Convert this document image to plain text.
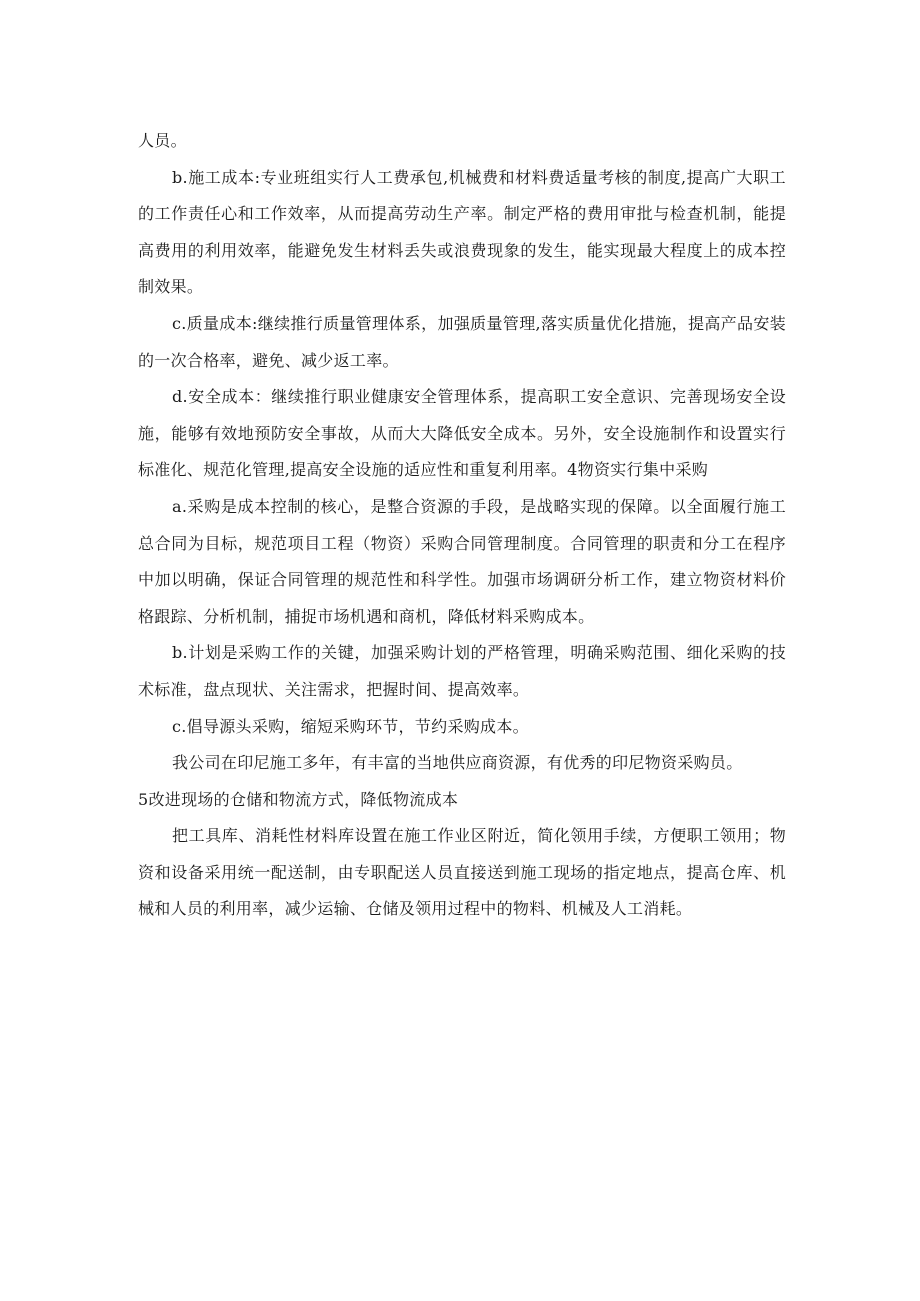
人员。

b.施工成本:专业班组实行人工费承包,机械费和材料费适量考核的制度,提高广大职工的工作责任心和工作效率，从而提高劳动生产率。制定严格的费用审批与检查机制，能提高费用的利用效率，能避免发生材料丢失或浪费现象的发生，能实现最大程度上的成本控制效果。

c.质量成本:继续推行质量管理体系，加强质量管理,落实质量优化措施，提高产品安装的一次合格率，避免、减少返工率。

d.安全成本：继续推行职业健康安全管理体系，提高职工安全意识、完善现场安全设施，能够有效地预防安全事故，从而大大降低安全成本。另外，安全设施制作和设置实行标准化、规范化管理,提高安全设施的适应性和重复利用率。4物资实行集中采购

a.采购是成本控制的核心，是整合资源的手段，是战略实现的保障。以全面履行施工总合同为目标，规范项目工程（物资）采购合同管理制度。合同管理的职责和分工在程序中加以明确，保证合同管理的规范性和科学性。加强市场调研分析工作，建立物资材料价格跟踪、分析机制，捕捉市场机遇和商机，降低材料采购成本。

b.计划是采购工作的关键，加强采购计划的严格管理，明确采购范围、细化采购的技术标准，盘点现状、关注需求，把握时间、提高效率。

c.倡导源头采购，缩短采购环节，节约采购成本。

我公司在印尼施工多年，有丰富的当地供应商资源，有优秀的印尼物资采购员。

5改进现场的仓储和物流方式，降低物流成本

把工具库、消耗性材料库设置在施工作业区附近，简化领用手续，方便职工领用；物资和设备采用统一配送制，由专职配送人员直接送到施工现场的指定地点，提高仓库、机械和人员的利用率，减少运输、仓储及领用过程中的物料、机械及人工消耗。
